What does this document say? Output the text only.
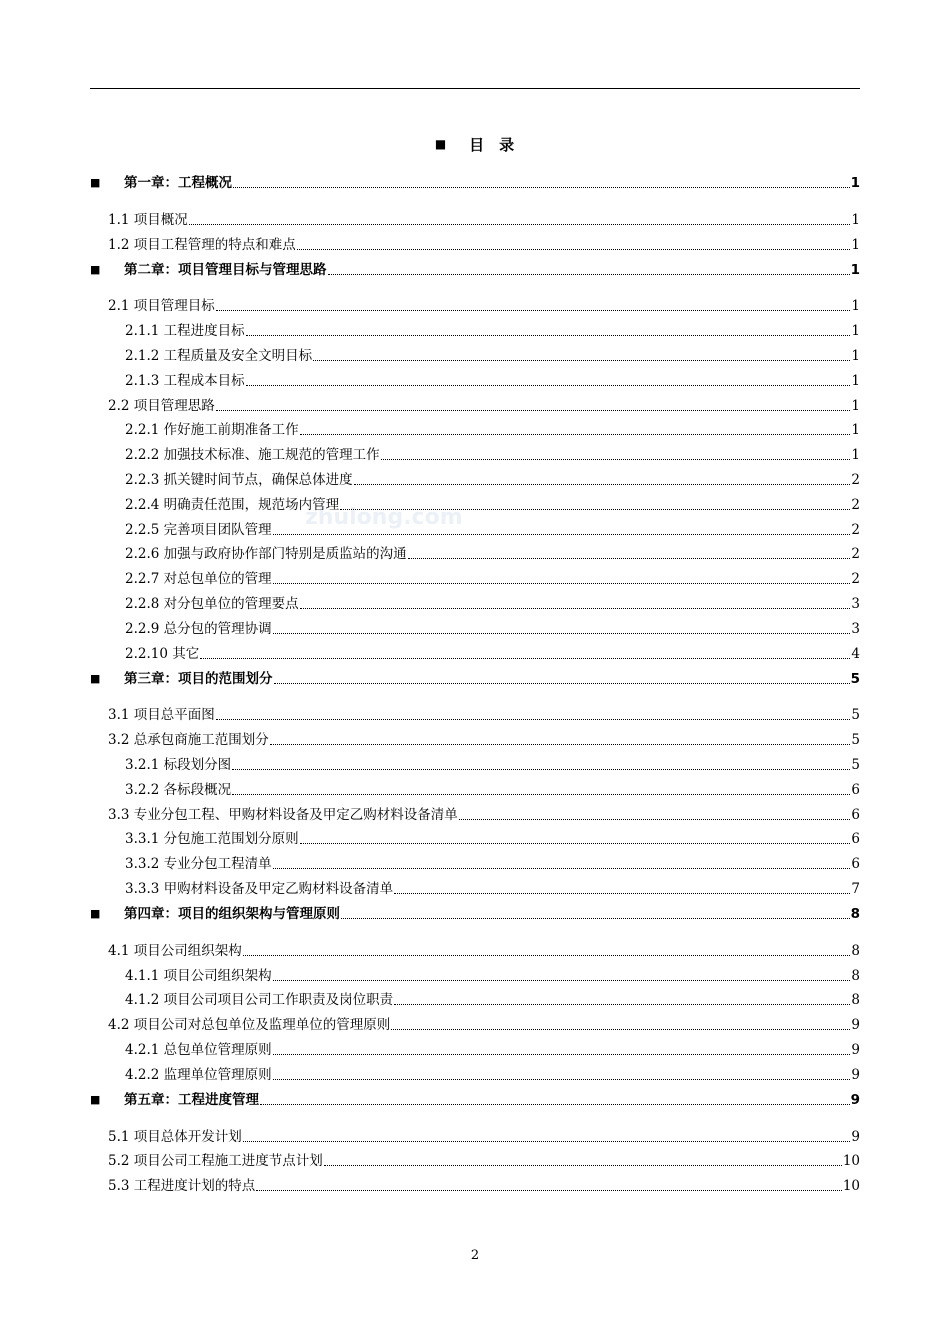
zhulong.com
■ 目 录
■	第一章：工程概况	1
1.1 项目概况	1
1.2 项目工程管理的特点和难点	1
■	第二章：项目管理目标与管理思路	1
2.1 项目管理目标	1
2.1.1 工程进度目标	1
2.1.2 工程质量及安全文明目标	1
2.1.3 工程成本目标	1
2.2 项目管理思路	1
2.2.1 作好施工前期准备工作	1
2.2.2 加强技术标准、施工规范的管理工作	1
2.2.3 抓关键时间节点，确保总体进度	2
2.2.4 明确责任范围，规范场内管理	2
2.2.5 完善项目团队管理	2
2.2.6 加强与政府协作部门特别是质监站的沟通	2
2.2.7 对总包单位的管理	2
2.2.8 对分包单位的管理要点	3
2.2.9 总分包的管理协调	3
2.2.10 其它	4
■	第三章：项目的范围划分	5
3.1 项目总平面图	5
3.2 总承包商施工范围划分	5
3.2.1 标段划分图	5
3.2.2 各标段概况	6
3.3 专业分包工程、甲购材料设备及甲定乙购材料设备清单	6
3.3.1 分包施工范围划分原则	6
3.3.2 专业分包工程清单	6
3.3.3 甲购材料设备及甲定乙购材料设备清单	7
■	第四章：项目的组织架构与管理原则	8
4.1 项目公司组织架构	8
4.1.1 项目公司组织架构	8
4.1.2 项目公司项目公司工作职责及岗位职责	8
4.2 项目公司对总包单位及监理单位的管理原则	9
4.2.1 总包单位管理原则	9
4.2.2 监理单位管理原则	9
■	第五章：工程进度管理	9
5.1 项目总体开发计划	9
5.2 项目公司工程施工进度节点计划	10
5.3 工程进度计划的特点	10
2
